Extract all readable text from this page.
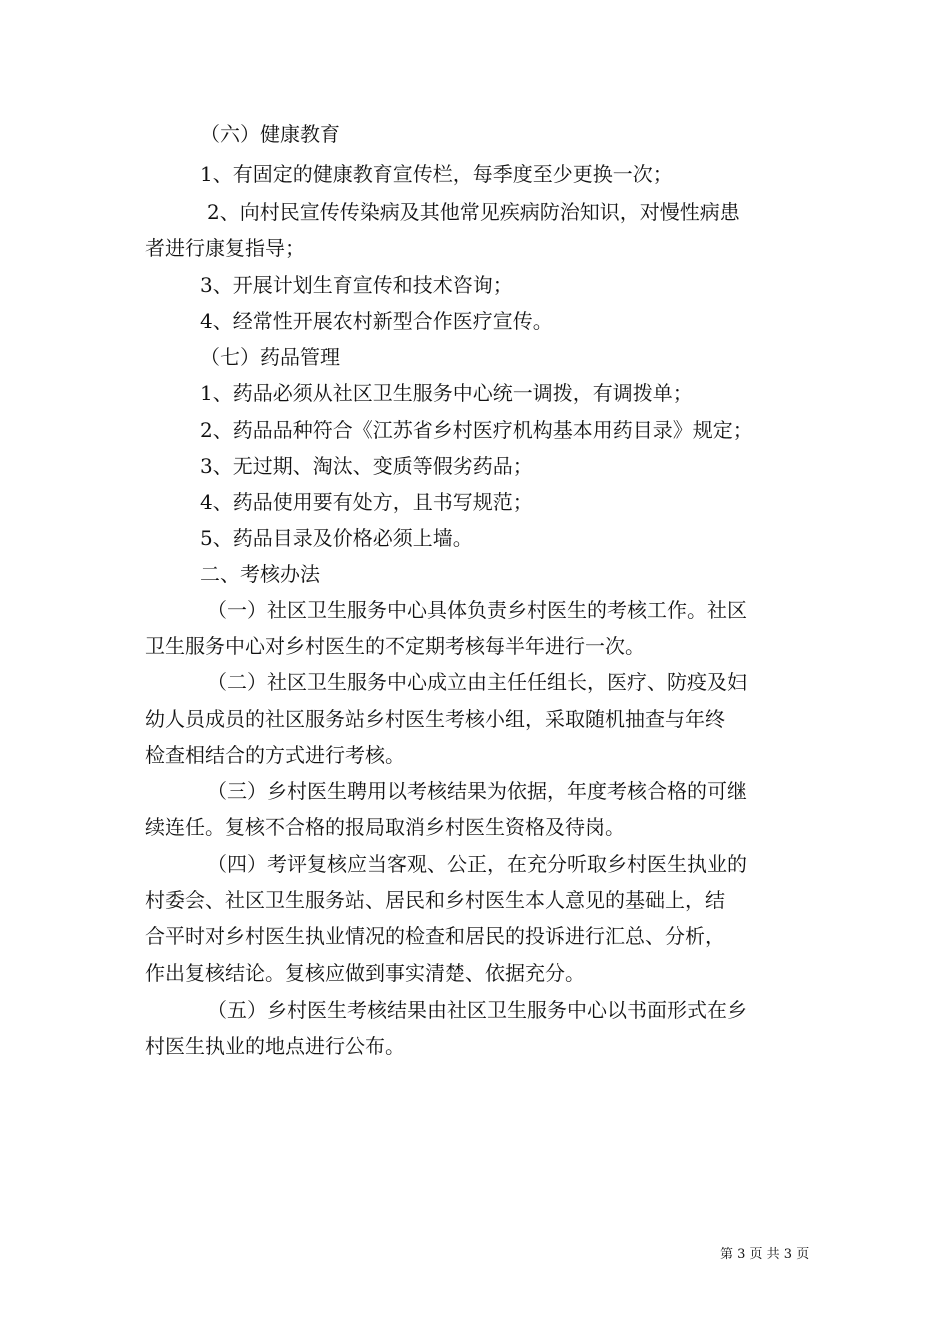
（六）健康教育
1、有固定的健康教育宣传栏，每季度至少更换一次；
2、向村民宣传传染病及其他常见疾病防治知识，对慢性病患
者进行康复指导；
3、开展计划生育宣传和技术咨询；
4、经常性开展农村新型合作医疗宣传。
（七）药品管理
1、药品必须从社区卫生服务中心统一调拨，有调拨单；
2、药品品种符合《江苏省乡村医疗机构基本用药目录》规定；
3、无过期、淘汰、变质等假劣药品；
4、药品使用要有处方，且书写规范；
5、药品目录及价格必须上墙。
二、考核办法
（一）社区卫生服务中心具体负责乡村医生的考核工作。社区
卫生服务中心对乡村医生的不定期考核每半年进行一次。
（二）社区卫生服务中心成立由主任任组长，医疗、防疫及妇
幼人员成员的社区服务站乡村医生考核小组，采取随机抽查与年终
检查相结合的方式进行考核。
（三）乡村医生聘用以考核结果为依据，年度考核合格的可继
续连任。复核不合格的报局取消乡村医生资格及待岗。
（四）考评复核应当客观、公正，在充分听取乡村医生执业的
村委会、社区卫生服务站、居民和乡村医生本人意见的基础上，结
合平时对乡村医生执业情况的检查和居民的投诉进行汇总、分析，
作出复核结论。复核应做到事实清楚、依据充分。
（五）乡村医生考核结果由社区卫生服务中心以书面形式在乡
村医生执业的地点进行公布。
第 3 页 共 3 页
